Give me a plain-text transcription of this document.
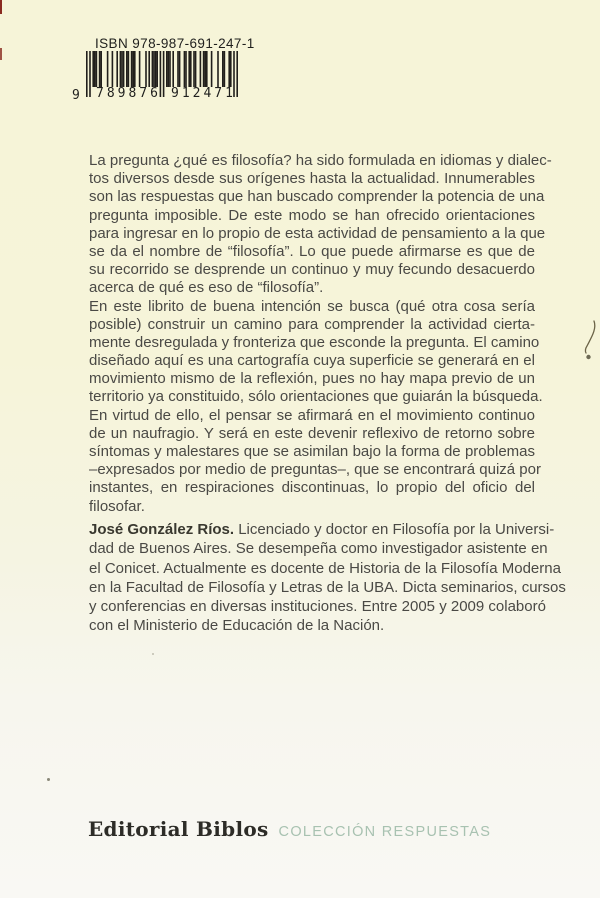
ISBN 978-987-691-247-1
9 789876 912471
La pregunta ¿qué es filosofía? ha sido formulada en idiomas y dialec-
tos diversos desde sus orígenes hasta la actualidad. Innumerables
son las respuestas que han buscado comprender la potencia de una
pregunta imposible. De este modo se han ofrecido orientaciones
para ingresar en lo propio de esta actividad de pensamiento a la que
se da el nombre de “filosofía”. Lo que puede afirmarse es que de
su recorrido se desprende un continuo y muy fecundo desacuerdo
acerca de qué es eso de “filosofía”.
En este librito de buena intención se busca (qué otra cosa sería
posible) construir un camino para comprender la actividad cierta-
mente desregulada y fronteriza que esconde la pregunta. El camino
diseñado aquí es una cartografía cuya superficie se generará en el
movimiento mismo de la reflexión, pues no hay mapa previo de un
territorio ya constituido, sólo orientaciones que guiarán la búsqueda.
En virtud de ello, el pensar se afirmará en el movimiento continuo
de un naufragio. Y será en este devenir reflexivo de retorno sobre
síntomas y malestares que se asimilan bajo la forma de problemas
–expresados por medio de preguntas–, que se encontrará quizá por
instantes, en respiraciones discontinuas, lo propio del oficio del
filosofar.
José González Ríos. Licenciado y doctor en Filosofía por la Universi-
dad de Buenos Aires. Se desempeña como investigador asistente en
el Conicet. Actualmente es docente de Historia de la Filosofía Moderna
en la Facultad de Filosofía y Letras de la UBA. Dicta seminarios, cursos
y conferencias en diversas instituciones. Entre 2005 y 2009 colaboró
con el Ministerio de Educación de la Nación.
Editorial Biblos COLECCIÓN RESPUESTAS
